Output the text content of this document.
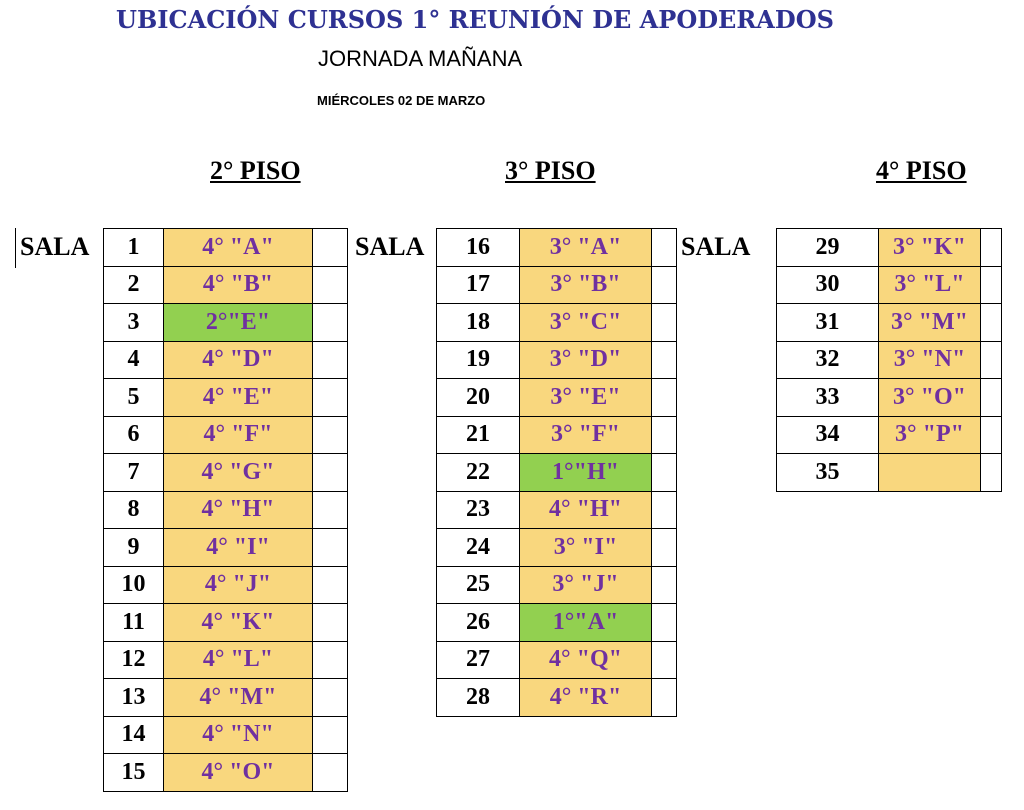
UBICACIÓN CURSOS 1° REUNIÓN DE APODERADOS
JORNADA MAÑANA
MIÉRCOLES 02 DE MARZO
2° PISO	3° PISO	4° PISO
SALA	SALA	SALA
1	4° "A"	
2	4° "B"	
3	2°"E"	
4	4° "D"	
5	4° "E"	
6	4° "F"	
7	4° "G"	
8	4° "H"	
9	4° "I"	
10	4° "J"	
11	4° "K"	
12	4° "L"	
13	4° "M"	
14	4° "N"	
15	4° "O"	
16	3° "A"	
17	3° "B"	
18	3° "C"	
19	3° "D"	
20	3° "E"	
21	3° "F"	
22	1°"H"	
23	4° "H"	
24	3° "I"	
25	3° "J"	
26	1°"A"	
27	4° "Q"	
28	4° "R"	
29	3° "K"	
30	3° "L"	
31	3° "M"	
32	3° "N"	
33	3° "O"	
34	3° "P"	
35		
